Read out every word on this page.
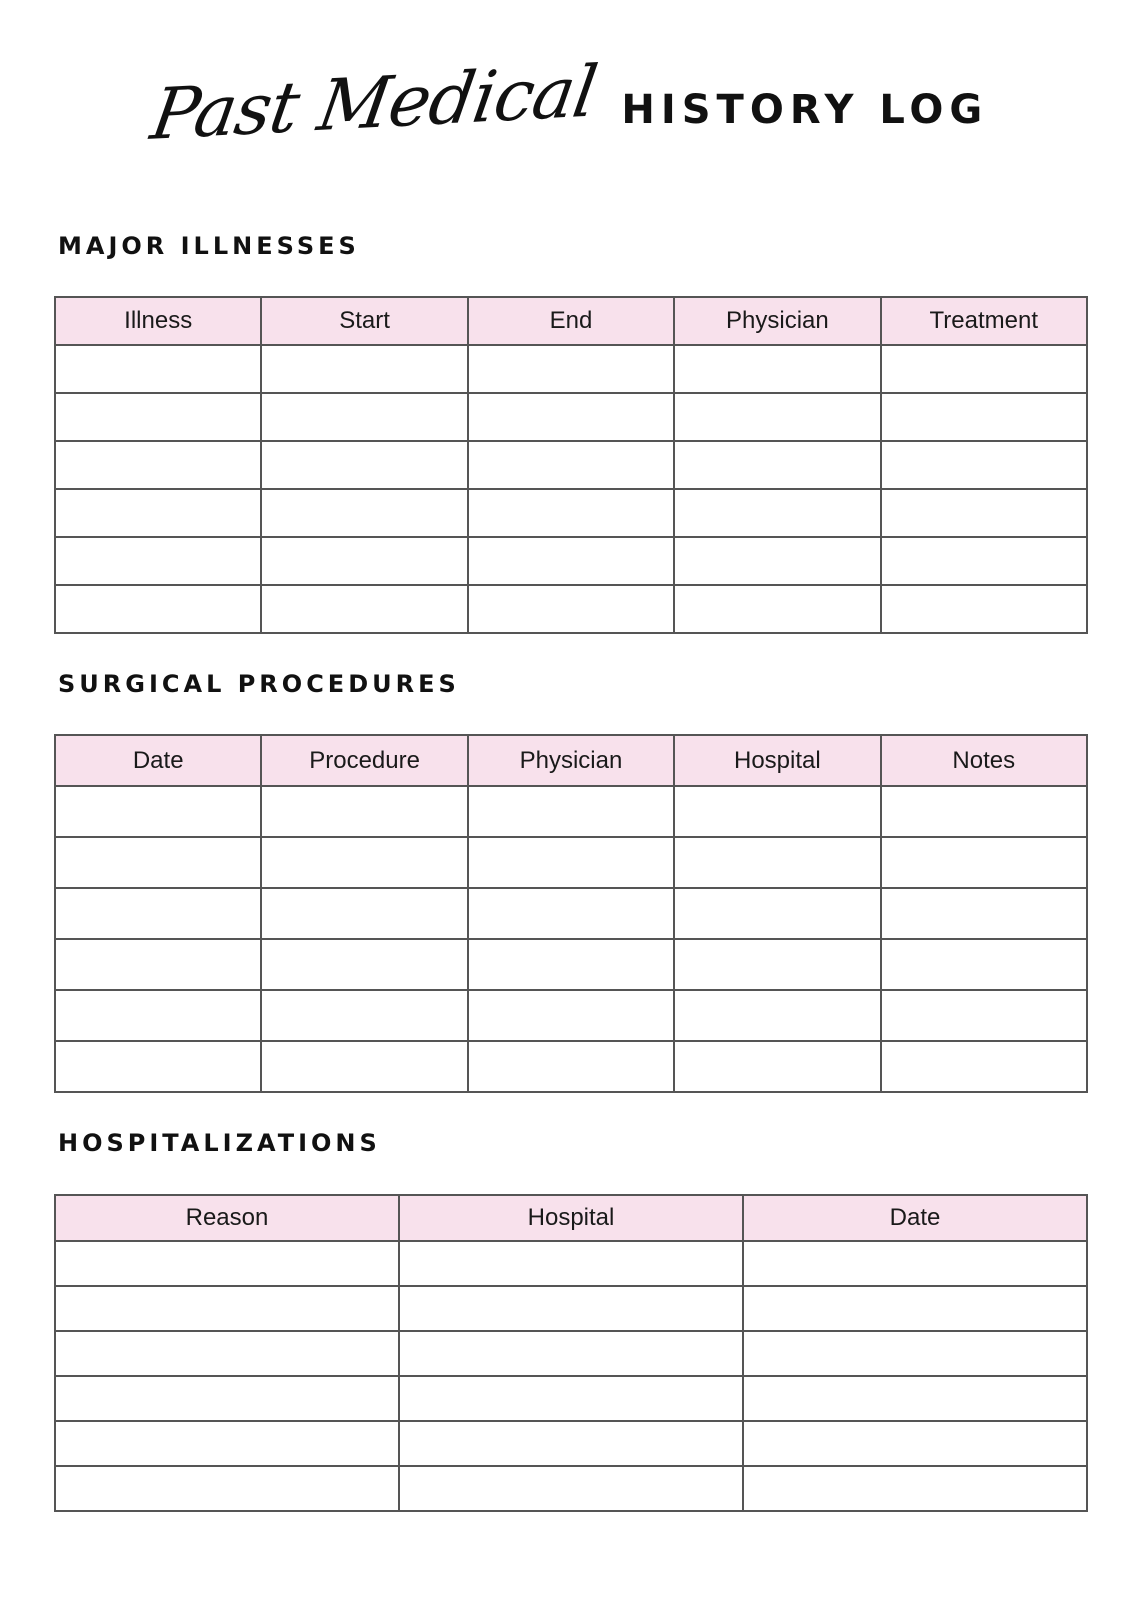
Past Medical HISTORY LOG
MAJOR ILLNESSES
Illness	Start	End	Physician	Treatment

SURGICAL PROCEDURES
Date	Procedure	Physician	Hospital	Notes

HOSPITALIZATIONS
Reason	Hospital	Date
